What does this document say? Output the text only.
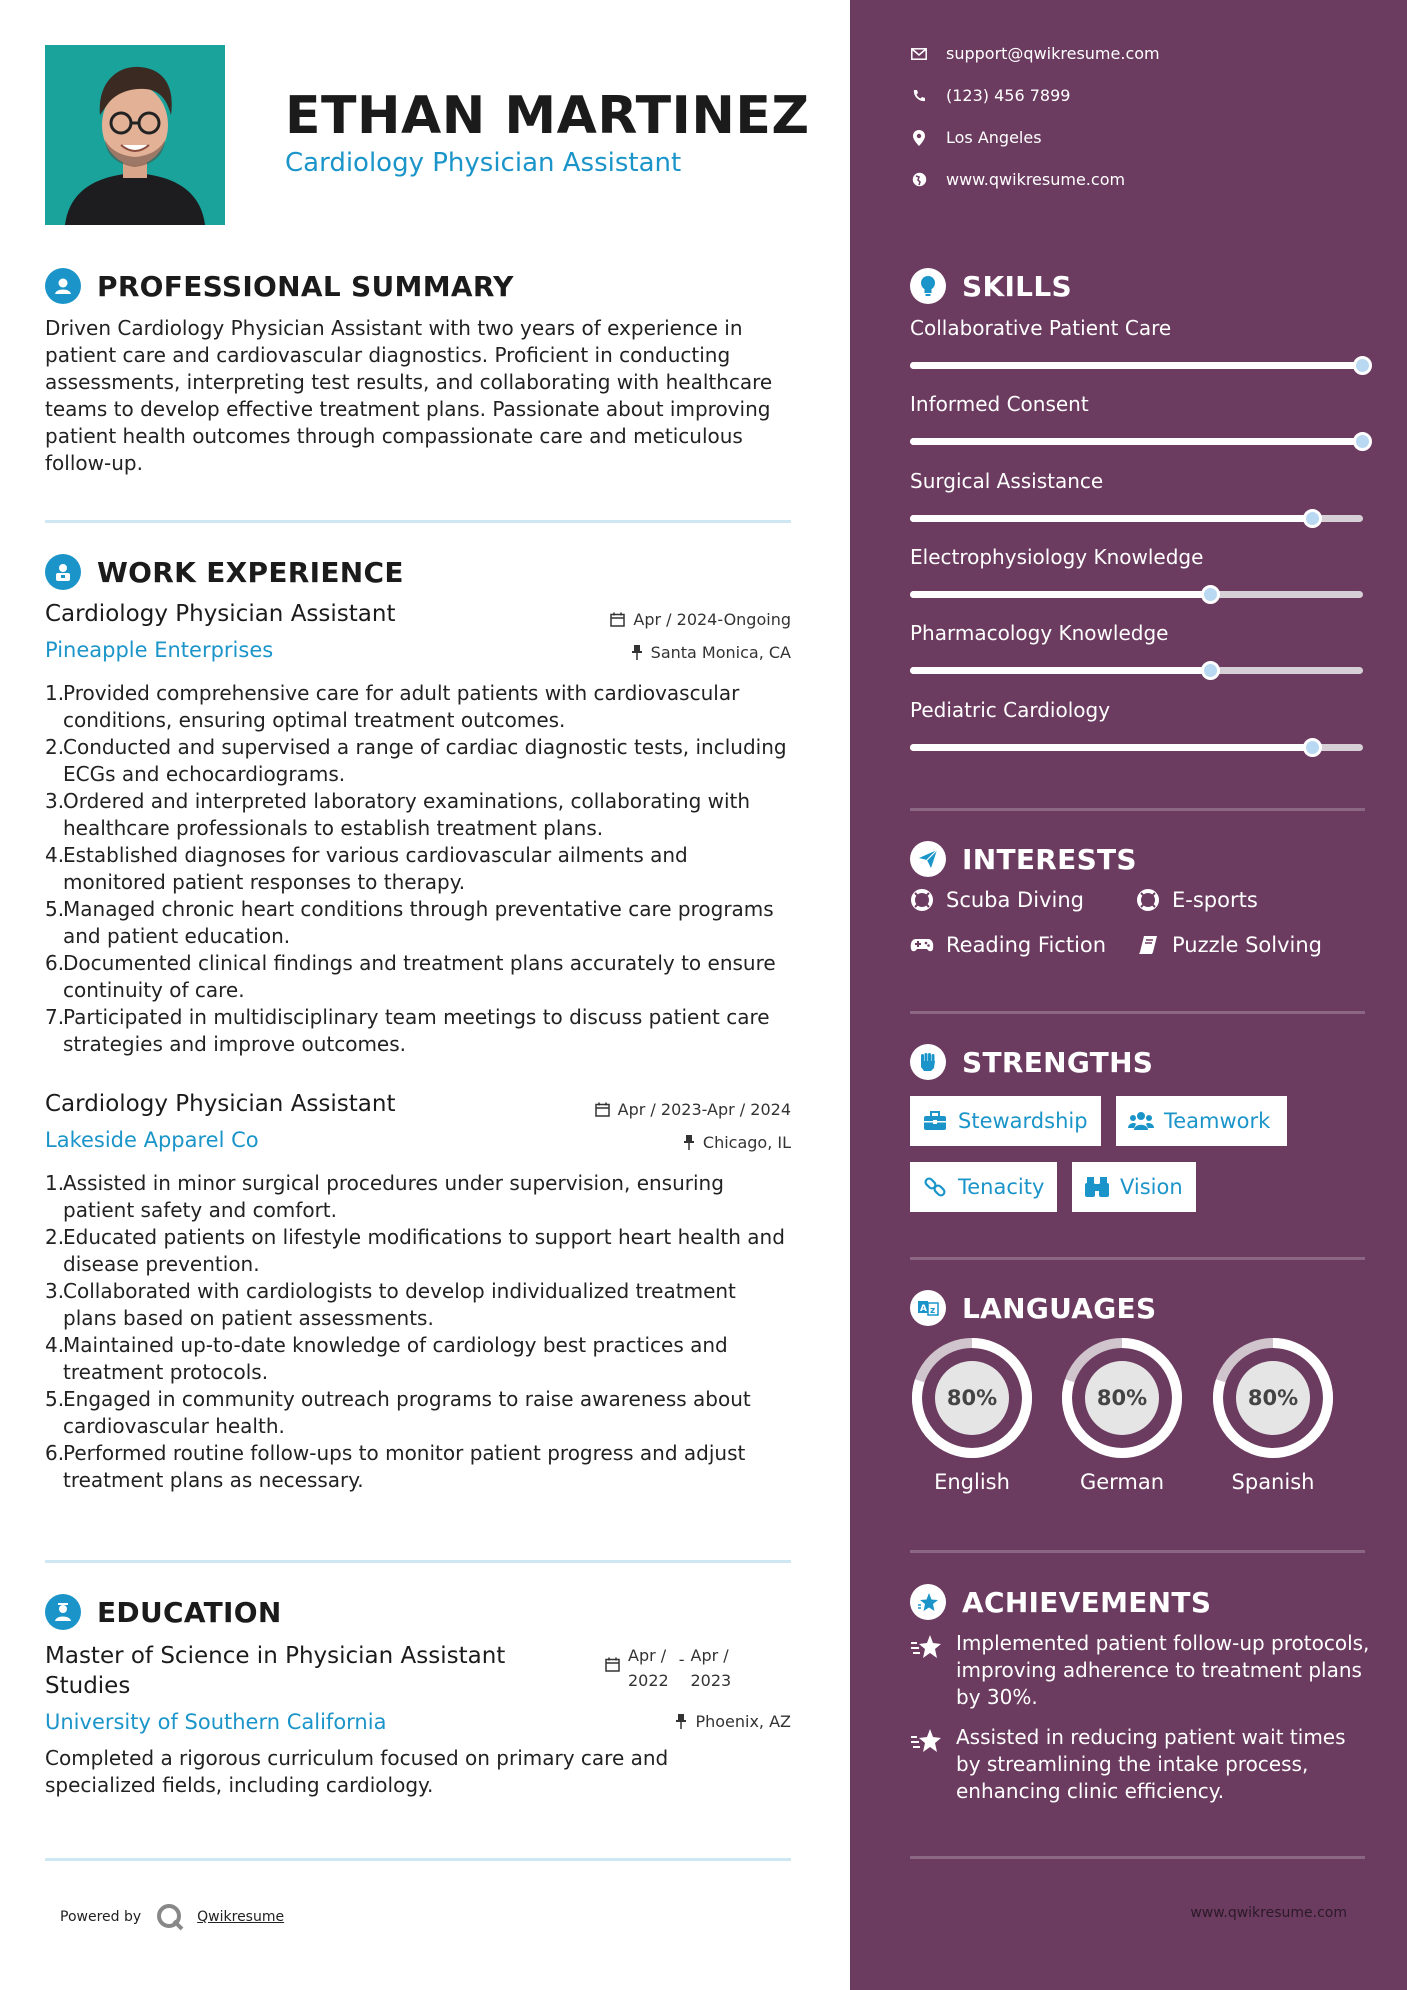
ETHAN MARTINEZ
Cardiology Physician Assistant
PROFESSIONAL SUMMARY
Driven Cardiology Physician Assistant with two years of experience in patient care and cardiovascular diagnostics. Proficient in conducting assessments, interpreting test results, and collaborating with healthcare teams to develop effective treatment plans. Passionate about improving patient health outcomes through compassionate care and meticulous follow-up.
WORK EXPERIENCE
Cardiology Physician Assistant	Apr / 2024-Ongoing
Pineapple Enterprises	Santa Monica, CA
1.
Provided comprehensive care for adult patients with cardiovascular conditions, ensuring optimal treatment outcomes.
2.
Conducted and supervised a range of cardiac diagnostic tests, including ECGs and echocardiograms.
3.
Ordered and interpreted laboratory examinations, collaborating with healthcare professionals to establish treatment plans.
4.
Established diagnoses for various cardiovascular ailments and monitored patient responses to therapy.
5.
Managed chronic heart conditions through preventative care programs and patient education.
6.
Documented clinical findings and treatment plans accurately to ensure continuity of care.
7.
Participated in multidisciplinary team meetings to discuss patient care strategies and improve outcomes.
Cardiology Physician Assistant	Apr / 2023-Apr / 2024
Lakeside Apparel Co	Chicago, IL
1.
Assisted in minor surgical procedures under supervision, ensuring patient safety and comfort.
2.
Educated patients on lifestyle modifications to support heart health and disease prevention.
3.
Collaborated with cardiologists to develop individualized treatment plans based on patient assessments.
4.
Maintained up-to-date knowledge of cardiology best practices and treatment protocols.
5.
Engaged in community outreach programs to raise awareness about cardiovascular health.
6.
Performed routine follow-ups to monitor patient progress and adjust treatment plans as necessary.
EDUCATION
Master of Science in Physician Assistant
Studies
Apr /
2022
- Apr /
2023
University of Southern California	Phoenix, AZ
Completed a rigorous curriculum focused on primary care and specialized fields, including cardiology.
Powered by	Qwikresume
support@qwikresume.com
(123) 456 7899
Los Angeles
www.qwikresume.com
SKILLS
Collaborative Patient Care
Informed Consent
Surgical Assistance
Electrophysiology Knowledge
Pharmacology Knowledge
Pediatric Cardiology
INTERESTS
Scuba Diving	E-sports
Reading Fiction	Puzzle Solving
STRENGTHS
Stewardship	Teamwork
Tenacity	Vision
A z LANGUAGES
80%
English
80%
German
80%
Spanish
ACHIEVEMENTS
Implemented patient follow-up protocols, improving adherence to treatment plans by 30%.
Assisted in reducing patient wait times by streamlining the intake process, enhancing clinic efficiency.
www.qwikresume.com
